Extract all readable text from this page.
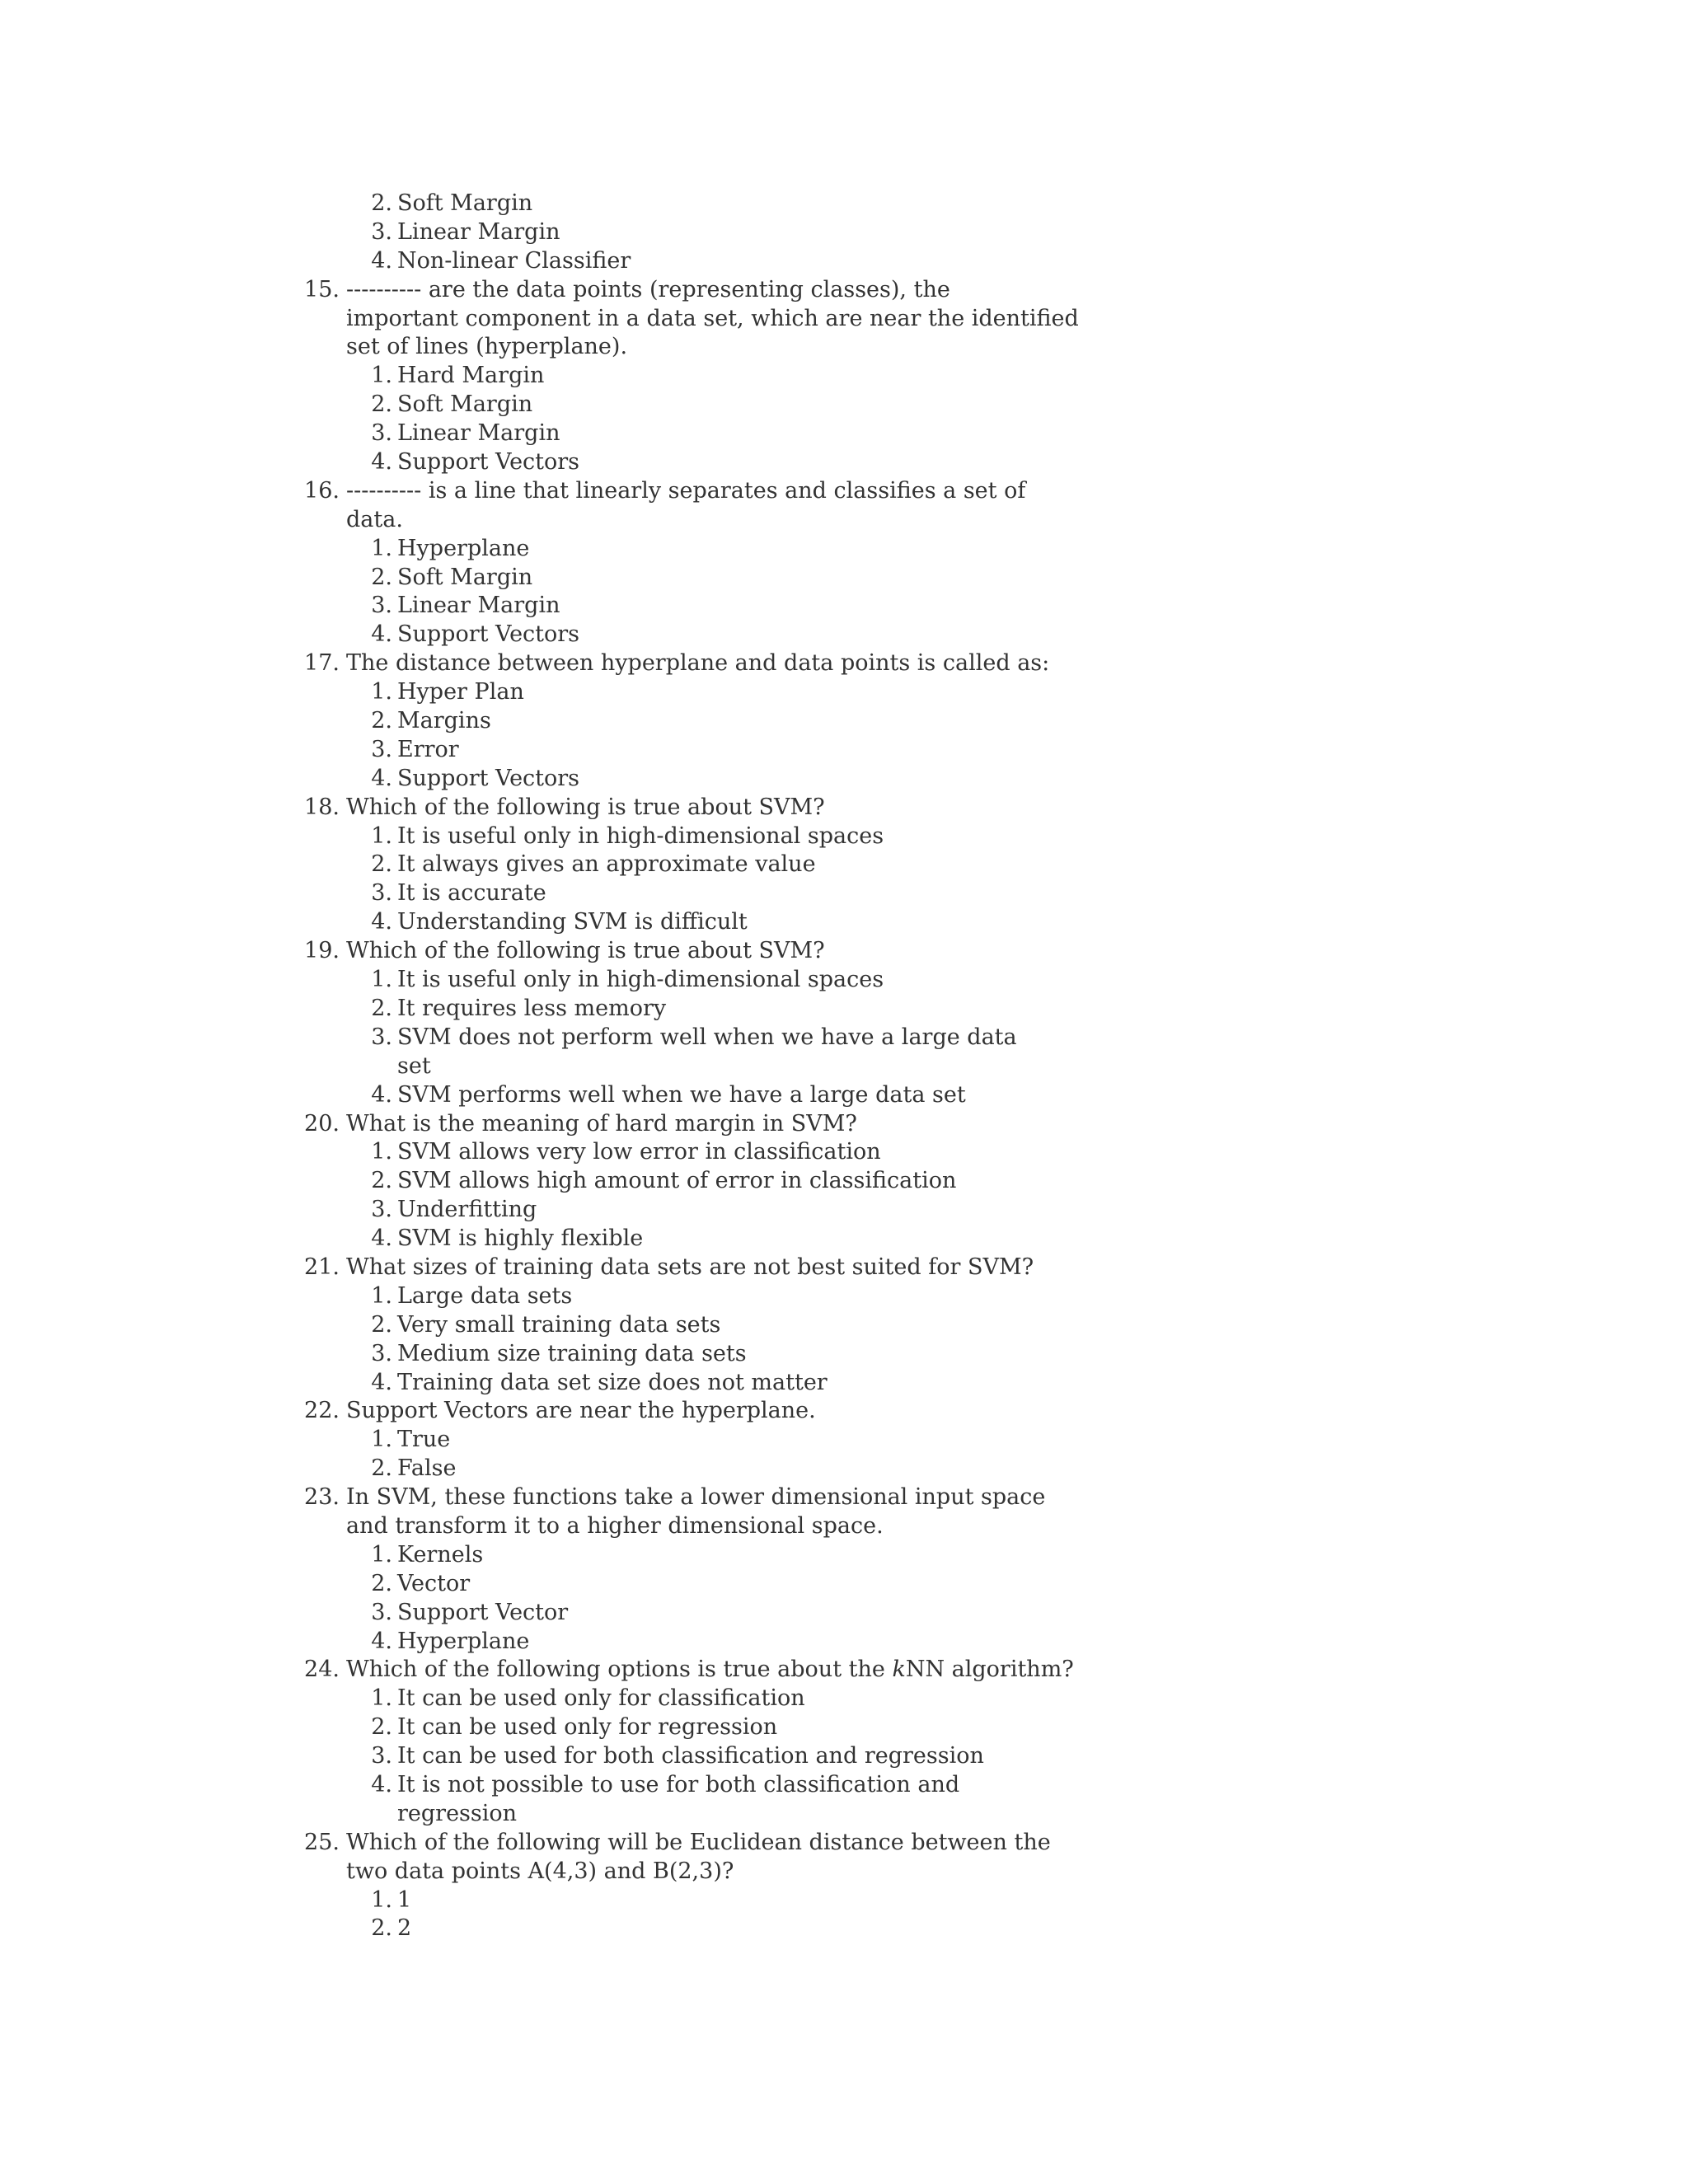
2. Soft Margin
3. Linear Margin
4. Non-linear Classifier
15. ---------- are the data points (representing classes), the
important component in a data set, which are near the identified
set of lines (hyperplane).
1. Hard Margin
2. Soft Margin
3. Linear Margin
4. Support Vectors
16. ---------- is a line that linearly separates and classifies a set of
data.
1. Hyperplane
2. Soft Margin
3. Linear Margin
4. Support Vectors
17. The distance between hyperplane and data points is called as:
1. Hyper Plan
2. Margins
3. Error
4. Support Vectors
18. Which of the following is true about SVM?
1. It is useful only in high-dimensional spaces
2. It always gives an approximate value
3. It is accurate
4. Understanding SVM is difficult
19. Which of the following is true about SVM?
1. It is useful only in high-dimensional spaces
2. It requires less memory
3. SVM does not perform well when we have a large data
set
4. SVM performs well when we have a large data set
20. What is the meaning of hard margin in SVM?
1. SVM allows very low error in classification
2. SVM allows high amount of error in classification
3. Underfitting
4. SVM is highly flexible
21. What sizes of training data sets are not best suited for SVM?
1. Large data sets
2. Very small training data sets
3. Medium size training data sets
4. Training data set size does not matter
22. Support Vectors are near the hyperplane.
1. True
2. False
23. In SVM, these functions take a lower dimensional input space
and transform it to a higher dimensional space.
1. Kernels
2. Vector
3. Support Vector
4. Hyperplane
24. Which of the following options is true about the kNN algorithm?
1. It can be used only for classification
2. It can be used only for regression
3. It can be used for both classification and regression
4. It is not possible to use for both classification and
regression
25. Which of the following will be Euclidean distance between the
two data points A(4,3) and B(2,3)?
1. 1
2. 2
